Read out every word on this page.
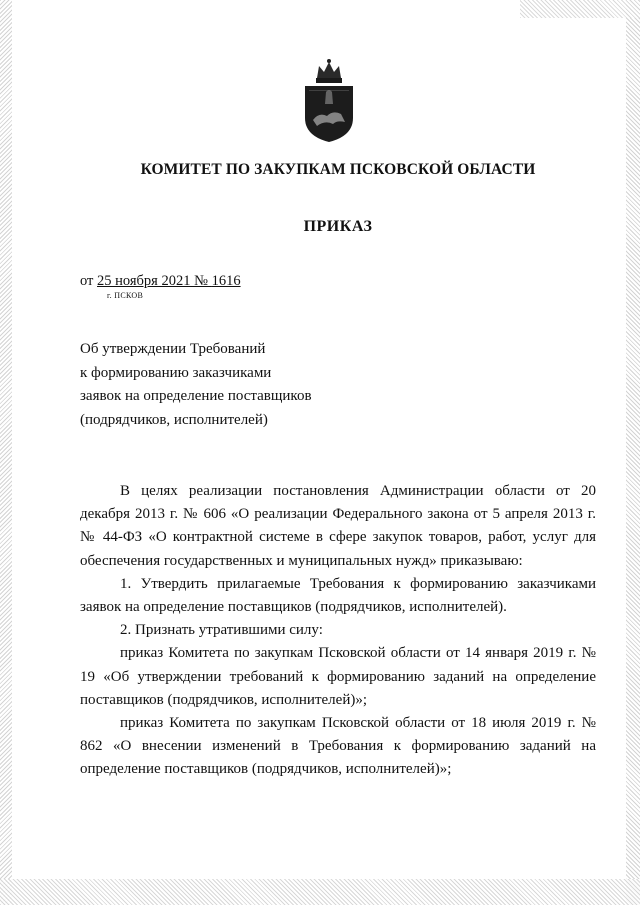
КОМИТЕТ ПО ЗАКУПКАМ ПСКОВСКОЙ ОБЛАСТИ
ПРИКАЗ
от 25 ноября 2021 № 1616
г. ПСКОВ
Об утверждении Требований
к формированию заказчиками
заявок на определение поставщиков
(подрядчиков, исполнителей)

В целях реализации постановления Администрации области от 20 декабря 2013 г. № 606 «О реализации Федерального закона от 5 апреля 2013 г. № 44-ФЗ «О контрактной системе в сфере закупок товаров, работ, услуг для обеспечения государственных и муниципальных нужд» приказываю:

1. Утвердить прилагаемые Требования к формированию заказчиками заявок на определение поставщиков (подрядчиков, исполнителей).

2. Признать утратившими силу:

приказ Комитета по закупкам Псковской области от 14 января 2019 г. № 19 «Об утверждении требований к формированию заданий на определение поставщиков (подрядчиков, исполнителей)»;

приказ Комитета по закупкам Псковской области от 18 июля 2019 г. № 862 «О внесении изменений в Требования к формированию заданий на определение поставщиков (подрядчиков, исполнителей)»;
